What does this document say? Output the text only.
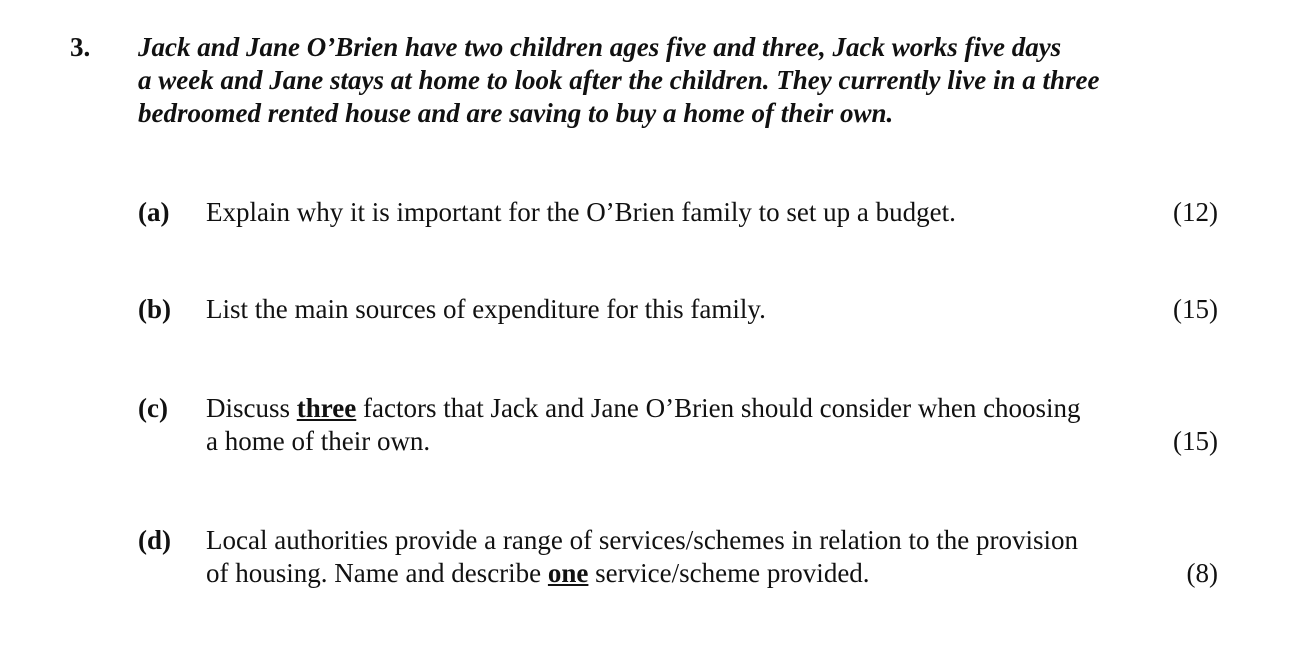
3. Jack and Jane O’Brien have two children ages five and three, Jack works five days
a week and Jane stays at home to look after the children. They currently live in a three
bedroomed rented house and are saving to buy a home of their own.
(a) Explain why it is important for the O’Brien family to set up a budget.	(12)
(b) List the main sources of expenditure for this family.	(15)
(c) Discuss three factors that Jack and Jane O’Brien should consider when choosing
a home of their own.	(15)
(d) Local authorities provide a range of services/schemes in relation to the provision
of housing. Name and describe one service/scheme provided.	(8)
